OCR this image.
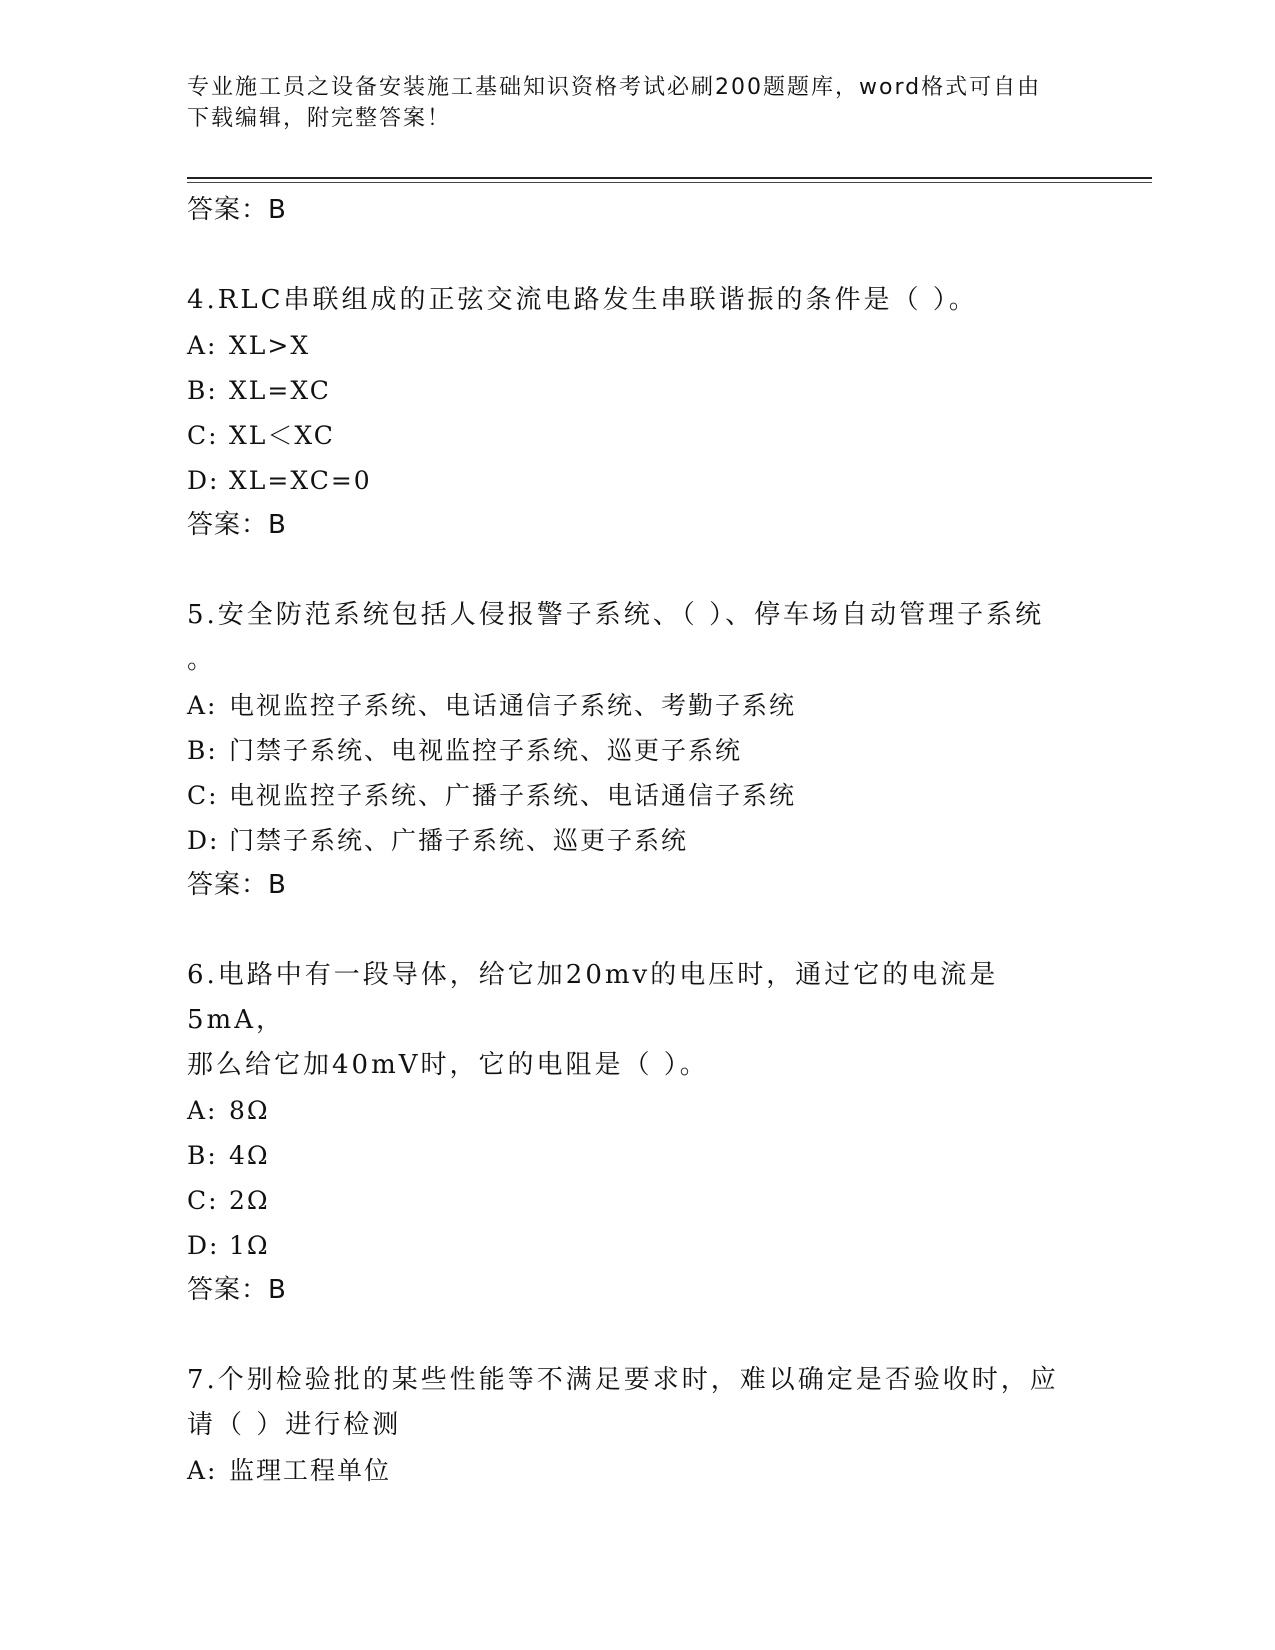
专业施工员之设备安装施工基础知识资格考试必刷200题题库，word格式可自由
下载编辑，附完整答案！
答案：B
4.RLC串联组成的正弦交流电路发生串联谐振的条件是（ ）。
A: XL>X
B: XL=XC
C: XL＜XC
D: XL=XC=0
答案：B
5.安全防范系统包括人侵报警子系统、（ ）、停车场自动管理子系统
。
A: 电视监控子系统、电话通信子系统、考勤子系统
B: 门禁子系统、电视监控子系统、巡更子系统
C: 电视监控子系统、广播子系统、电话通信子系统
D: 门禁子系统、广播子系统、巡更子系统
答案：B
6.电路中有一段导体，给它加20mv的电压时，通过它的电流是5mA，
那么给它加40mV时，它的电阻是（ ）。
A: 8Ω
B: 4Ω
C: 2Ω
D: 1Ω
答案：B
7.个别检验批的某些性能等不满足要求时，难以确定是否验收时，应
请（ ）进行检测
A: 监理工程单位
